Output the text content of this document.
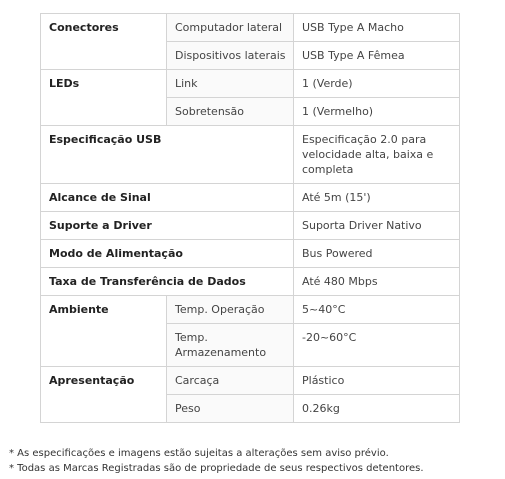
Conectores	Computador lateral	USB Type A Macho
	Dispositivos laterais	USB Type A Fêmea
LEDs	Link	1 (Verde)
	Sobretensão	1 (Vermelho)
Especificação USB		Especificação 2.0 para velocidade alta, baixa e completa
Alcance de Sinal		Até 5m (15')
Suporte a Driver		Suporta Driver Nativo
Modo de Alimentação		Bus Powered
Taxa de Transferência de Dados		Até 480 Mbps
Ambiente	Temp. Operação	5~40°C
	Temp. Armazenamento	-20~60°C
Apresentação	Carcaça	Plástico
	Peso	0.26kg
* As especificações e imagens estão sujeitas a alterações sem aviso prévio.
* Todas as Marcas Registradas são de propriedade de seus respectivos detentores.
